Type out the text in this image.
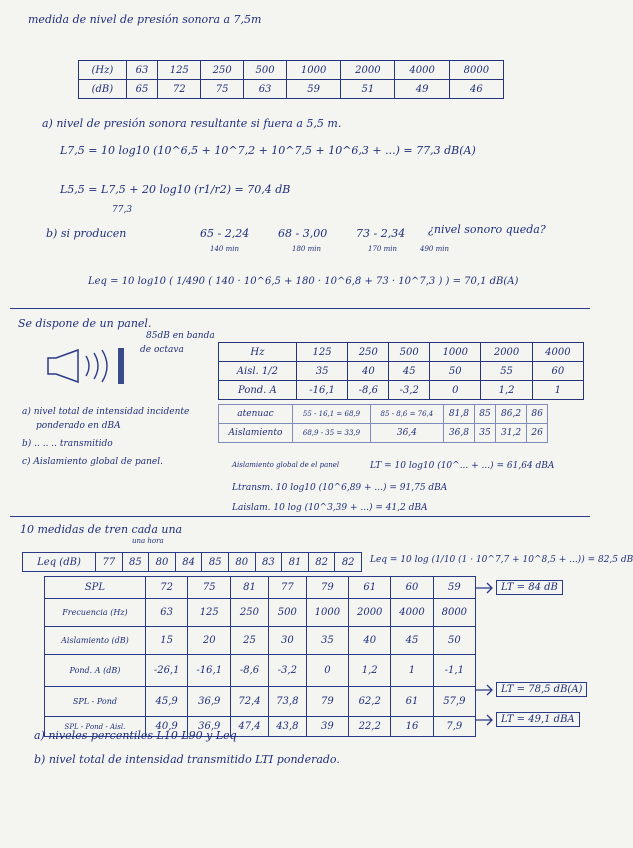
medida de nivel de presión sonora a 7,5m
(Hz)	63	125	250	500	1000	2000	4000	8000
(dB)	65	72	75	63	59	51	49	46
a) nivel de presión sonora resultante si fuera a 5,5 m.
L7,5 = 10 log10 (10^6,5 + 10^7,2 + 10^7,5 + 10^6,3 + ...) = 77,3 dB(A)
L5,5 = L7,5 + 20 log10 (r1/r2) = 70,4 dB
77,3
b) si producen	65 - 2,24	68 - 3,00	73 - 2,34 ¿nivel sonoro queda?
140 min	180 min	170 min	490 min
Leq = 10 log10 ( 1/490 ( 140 · 10^6,5 + 180 · 10^6,8 + 73 · 10^7,3 ) ) = 70,1 dB(A)
Se dispone de un panel.
85dB en banda
de octava	Hz	125	250	500	1000	2000	4000
Aisl. 1/2	35	40	45	50	55	60
Pond. A	-16,1	-8,6	-3,2	0	1,2	1
atenuac	55 - 16,1 = 68,9	85 - 8,6 = 76,4	81,8	85	86,2	86
Aislamiento	68,9 - 35 = 33,9	36,4	36,8	35	31,2	26
a) nivel total de intensidad incidente
ponderado en dBA
b) .. .. .. transmitido
c) Aislamiento global de panel.	Aislamiento global de el panel	LT = 10 log10 (10^... + ...) = 61,64 dBA
Ltransm. 10 log10 (10^6,89 + ...) = 91,75 dBA
Laislam. 10 log (10^3,39 + ...) = 41,2 dBA
10 medidas de tren cada una
una hora
Leq (dB)	77	85	80	84	85	80	83	81	82	82 Leq = 10 log (1/10 (1 · 10^7,7 + 10^8,5 + ...)) = 82,5 dB
SPL	72	75	81	77	79	61	60	59
Frecuencia (Hz)	63	125	250	500	1000	2000	4000	8000
Aislamiento (dB)	15	20	25	30	35	40	45	50
Pond. A (dB)	-26,1	-16,1	-8,6	-3,2	0	1,2	1	-1,1
SPL - Pond	45,9	36,9	72,4	73,8	79	62,2	61	57,9
SPL - Pond - Aisl.	40,9	36,9	47,4	43,8	39	22,2	16	7,9
LT = 84 dB
LT = 78,5 dB(A)
LT = 49,1 dBA
a) niveles percentiles L10 L90 y Leq
b) nivel total de intensidad transmitido LTI ponderado.
